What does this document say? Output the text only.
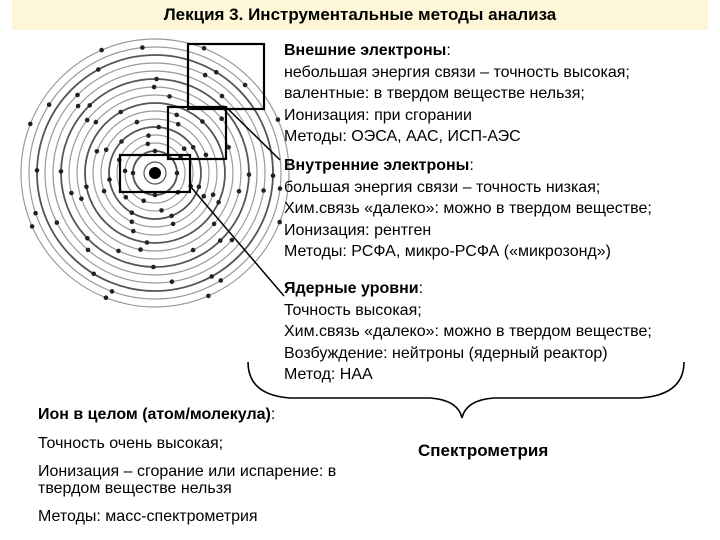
Лекция 3. Инструментальные методы анализа
Внешние электроны:
небольшая энергия связи – точность высокая;
валентные: в твердом веществе нельзя;
Ионизация: при сгорании
Методы: ОЭСА, ААС, ИСП-АЭС
Внутренние электроны:
большая энергия связи – точность низкая;
Хим.связь «далеко»: можно в твердом веществе;
Ионизация: рентген
Методы: РСФА, микро-РСФА («микрозонд»)
Ядерные уровни:
Точность высокая;
Хим.связь «далеко»: можно в твердом веществе;
Возбуждение: нейтроны (ядерный реактор)
Метод: НАА
Ион в целом (атом/молекула):
Точность очень высокая;
Ионизация – сгорание или испарение: в
твердом веществе нельзя
Методы: масс-спектрометрия
Спектрометрия
